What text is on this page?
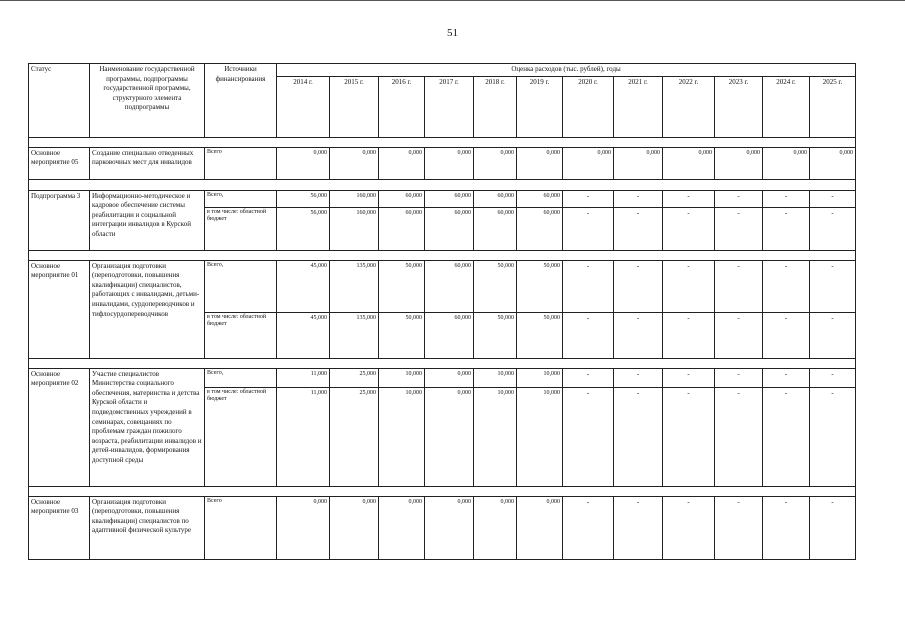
51
Статус	Наименование государственной программы, подпрограммы государственной программы, структурного элемента подпрограммы	Источники финансирования	Оценка расходов (тыс. рублей), годы											
			2014 г.	2015 г.	2016 г.	2017 г.	2018 г.	2019 г.	2020 г.	2021 г.	2022 г.	2023 г.	2024 г.	2025 г.

Основное мероприятие 05	Создание специально отведенных парковочных мест для инвалидов	Всего	0,000	0,000	0,000	0,000	0,000	0,000	0,000	0,000	0,000	0,000	0,000	0,000

Подпрограмма 3	Информационно-методическое и кадровое обеспечение системы реабилитации и социальной интеграции инвалидов в Курской области	Всего,	56,000	160,000	60,000	60,000	60,000	60,000	-	-	-	-	-	-
		в том числе: областной бюджет	56,000	160,000	60,000	60,000	60,000	60,000	-	-	-	-	-	-

Основное мероприятие 01	Организация подготовки (переподготовки, повышения квалификации) специалистов, работающих с инвалидами, детьми-инвалидами, сурдопереводчиков и тифлосурдопереводчиков	Всего,	45,000	135,000	50,000	60,000	50,000	50,000	-	-	-	-	-	-
		в том числе: областной бюджет	45,000	135,000	50,000	60,000	50,000	50,000	-	-	-	-	-	-

Основное мероприятие 02	Участие специалистов Министерства социального обеспечения, материнства и детства Курской области и подведомственных учреждений в семинарах, совещаниях по проблемам граждан пожилого возраста, реабилитации инвалидов и детей-инвалидов, формирования доступной среды	Всего,	11,000	25,000	10,000	0,000	10,000	10,000	-	-	-	-	-	-
		в том числе: областной бюджет	11,000	25,000	10,000	0,000	10,000	10,000	-	-	-	-	-	-

Основное мероприятие 03	Организация подготовки (переподготовки, повышения квалификации) специалистов по адаптивной физической культуре	Всего	0,000	0,000	0,000	0,000	0,000	0,000	-	-	-	-	-	-
